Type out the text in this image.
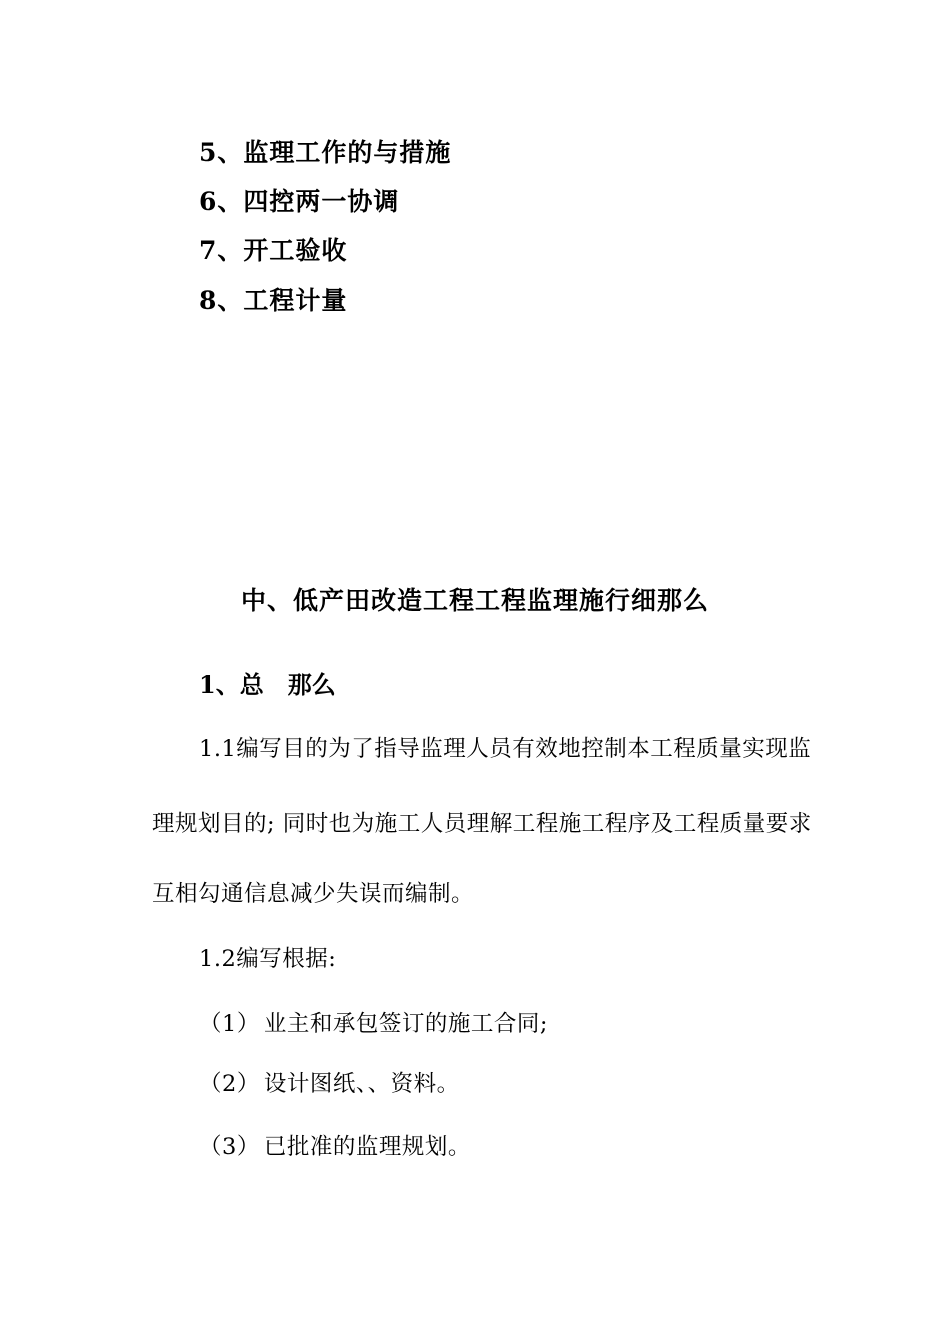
5、监理工作的与措施
6、四控两一协调
7、开工验收
8、工程计量
中、低产田改造工程工程监理施行细那么
1、总 那么
1.1编写目的为了指导监理人员有效地控制本工程质量实现监
理规划目的; 同时也为施工人员理解工程施工程序及工程质量要求
互相勾通信息减少失误而编制。
1.2编写根据:
（1） 业主和承包签订的施工合同;
（2） 设计图纸、、资料。
（3） 已批准的监理规划。
